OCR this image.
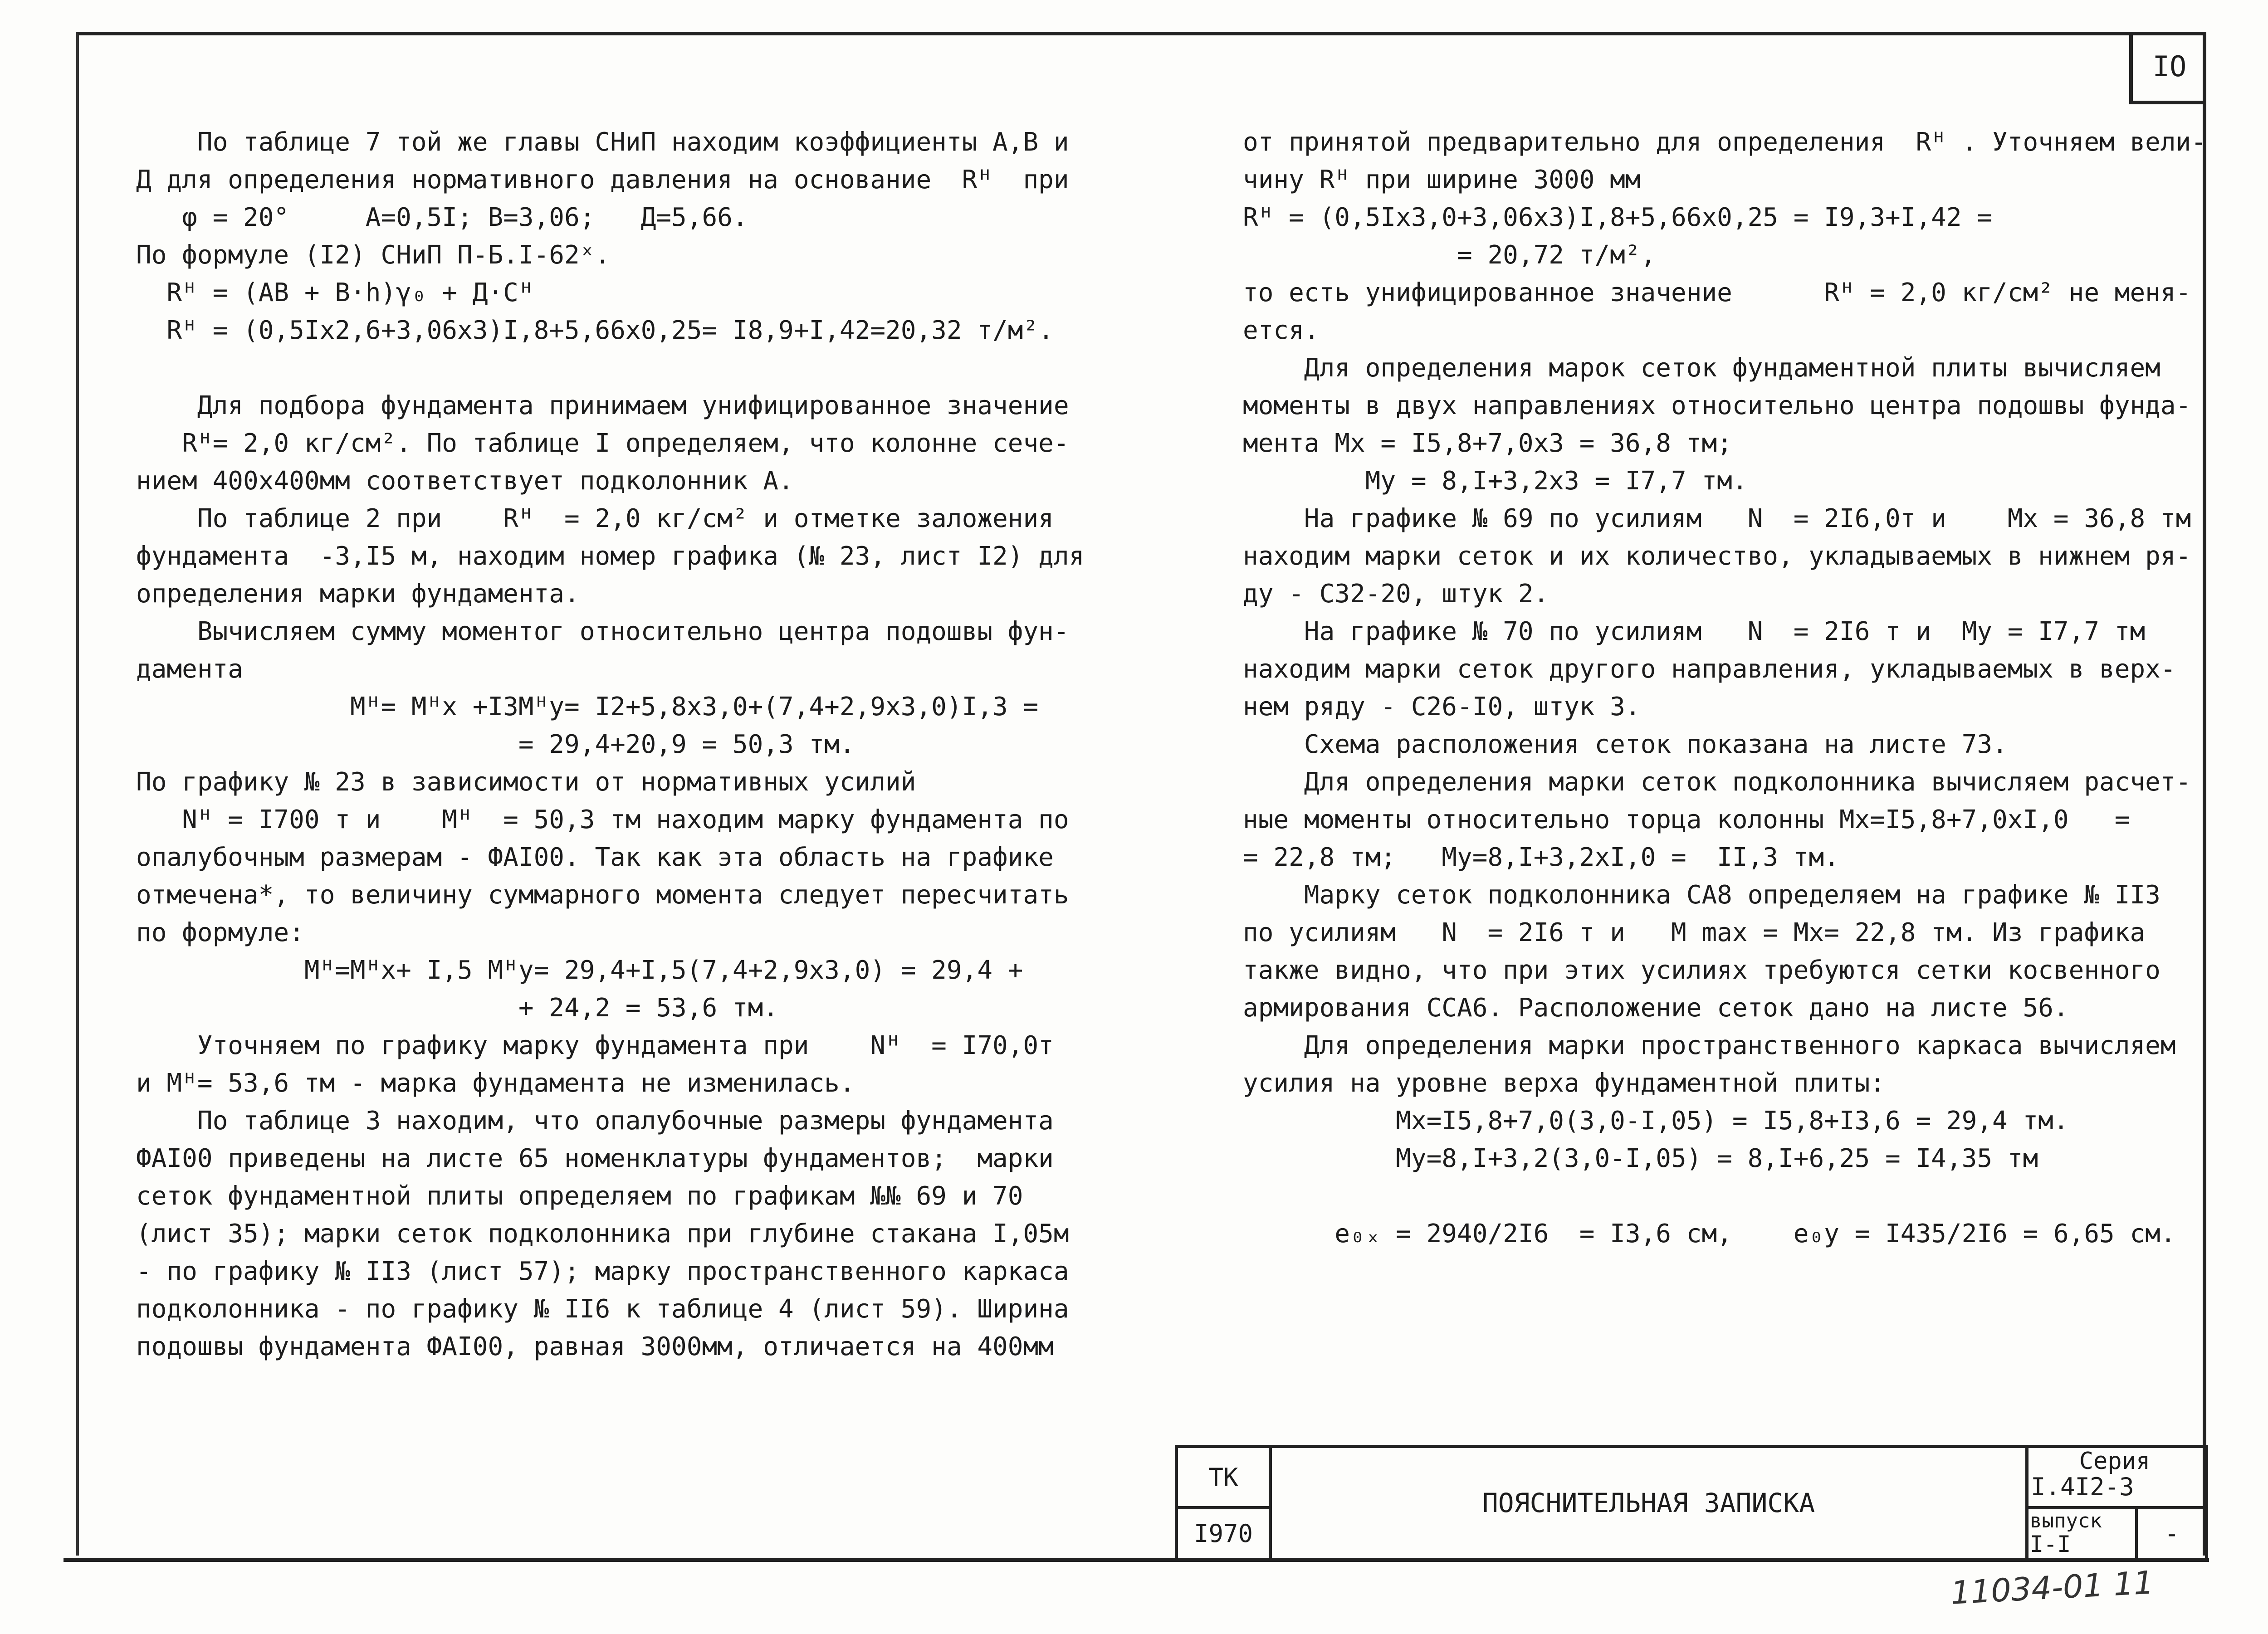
IO
По таблице 7 той же главы СНиП находим коэффициенты А,В и
Д для определения нормативного давления на основание  Rᴴ  при
φ = 20°     А=0,5I; В=3,06;   Д=5,66.
По формуле (I2) СНиП П-Б.I-62ˣ.
Rᴴ = (AB + B·h)γ₀ + Д·Cᴴ
Rᴴ = (0,5Iх2,6+3,06х3)I,8+5,66х0,25= I8,9+I,42=20,32 т/м².
Для подбора фундамента принимаем унифицированное значение
Rᴴ= 2,0 кг/см². По таблице I определяем, что колонне сече-
нием 400х400мм соответствует подколонник А.
По таблице 2 при    Rᴴ  = 2,0 кг/см² и отметке заложения
фундамента  -3,I5 м, находим номер графика (№ 23, лист I2) для
определения марки фундамента.
Вычисляем сумму моментог относительно центра подошвы фун-
дамента
Mᴴ= Mᴴx +I3Mᴴy= I2+5,8х3,0+(7,4+2,9х3,0)I,3 =
= 29,4+20,9 = 50,3 тм.
По графику № 23 в зависимости от нормативных усилий
Nᴴ = I700 т и    Mᴴ  = 50,3 тм находим марку фундамента по
опалубочным размерам - ФАI00. Так как эта область на графике
отмечена*, то величину суммарного момента следует пересчитать
по формуле:
Mᴴ=Mᴴx+ I,5 Mᴴy= 29,4+I,5(7,4+2,9х3,0) = 29,4 +
+ 24,2 = 53,6 тм.
Уточняем по графику марку фундамента при    Nᴴ  = I70,0т
и Mᴴ= 53,6 тм - марка фундамента не изменилась.
По таблице 3 находим, что опалубочные размеры фундамента
ФАI00 приведены на листе 65 номенклатуры фундаментов;  марки
сеток фундаментной плиты определяем по графикам №№ 69 и 70
(лист 35); марки сеток подколонника при глубине стакана I,05м
- по графику № II3 (лист 57); марку пространственного каркаса
подколонника - по графику № II6 к таблице 4 (лист 59). Ширина
подошвы фундамента ФАI00, равная 3000мм, отличается на 400мм
от принятой предварительно для определения  Rᴴ . Уточняем вели-
чину Rᴴ при ширине 3000 мм
Rᴴ = (0,5Iх3,0+3,06х3)I,8+5,66х0,25 = I9,3+I,42 =
= 20,72 т/м²,
то есть унифицированное значение      Rᴴ = 2,0 кг/см² не меня-
ется.
Для определения марок сеток фундаментной плиты вычисляем
моменты в двух направлениях относительно центра подошвы фунда-
мента Мх = I5,8+7,0х3 = 36,8 тм;
Му = 8,I+3,2х3 = I7,7 тм.
На графике № 69 по усилиям   N  = 2I6,0т и    Mx = 36,8 тм
находим марки сеток и их количество, укладываемых в нижнем ря-
ду - С32-20, штук 2.
На графике № 70 по усилиям   N  = 2I6 т и  My = I7,7 тм
находим марки сеток другого направления, укладываемых в верх-
нем ряду - С26-I0, штук 3.
Схема расположения сеток показана на листе 73.
Для определения марки сеток подколонника вычисляем расчет-
ные моменты относительно торца колонны Мх=I5,8+7,0хI,0   =
= 22,8 тм;   Му=8,I+3,2хI,0 =  II,3 тм.
Марку сеток подколонника СА8 определяем на графике № II3
по усилиям   N  = 2I6 т и   M max = Мх= 22,8 тм. Из графика
также видно, что при этих усилиях требуются сетки косвенного
армирования ССА6. Расположение сеток дано на листе 56.
Для определения марки пространственного каркаса вычисляем
усилия на уровне верха фундаментной плиты:
Мх=I5,8+7,0(3,0-I,05) = I5,8+I3,6 = 29,4 тм.
Му=8,I+3,2(3,0-I,05) = 8,I+6,25 = I4,35 тм
e₀ₓ = 2940/2I6  = I3,6 см,    e₀y = I435/2I6 = 6,65 см.
ТК
I970
ПОЯСНИТЕЛЬНАЯ ЗАПИСКА
Серия
I.4I2-3
выпуск
I-I	-
11034-01 11
